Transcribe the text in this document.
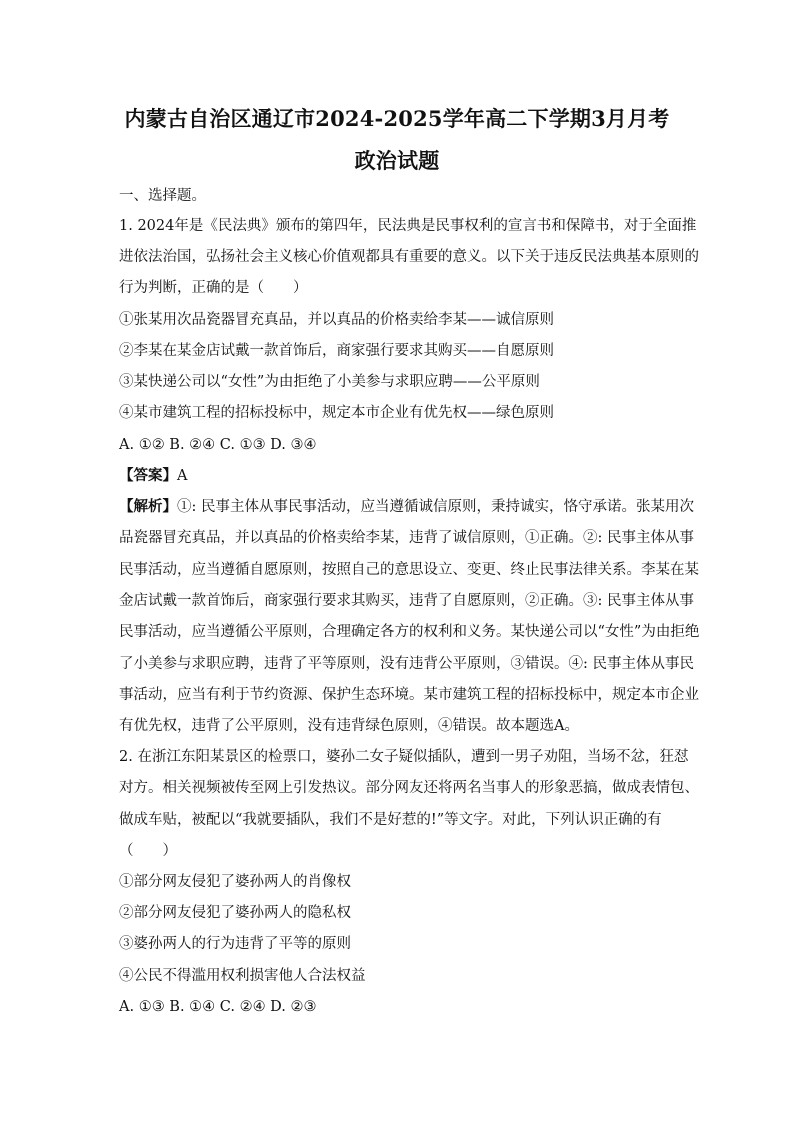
内蒙古自治区通辽市2024-2025学年高二下学期3月月考
政治试题
一、选择题。
1. 2024年是《民法典》颁布的第四年，民法典是民事权利的宣言书和保障书，对于全面推
进依法治国，弘扬社会主义核心价值观都具有重要的意义。以下关于违反民法典基本原则的
行为判断，正确的是（　　）
①张某用次品瓷器冒充真品，并以真品的价格卖给李某——诚信原则
②李某在某金店试戴一款首饰后，商家强行要求其购买——自愿原则
③某快递公司以“女性”为由拒绝了小美参与求职应聘——公平原则
④某市建筑工程的招标投标中，规定本市企业有优先权——绿色原则
A. ①② B. ②④ C. ①③ D. ③④
【答案】A
【解析】①: 民事主体从事民事活动，应当遵循诚信原则，秉持诚实，恪守承诺。张某用次
品瓷器冒充真品，并以真品的价格卖给李某，违背了诚信原则，①正确。②: 民事主体从事
民事活动，应当遵循自愿原则，按照自己的意思设立、变更、终止民事法律关系。李某在某
金店试戴一款首饰后，商家强行要求其购买，违背了自愿原则，②正确。③: 民事主体从事
民事活动，应当遵循公平原则，合理确定各方的权利和义务。某快递公司以“女性”为由拒绝
了小美参与求职应聘，违背了平等原则，没有违背公平原则，③错误。④: 民事主体从事民
事活动，应当有利于节约资源、保护生态环境。某市建筑工程的招标投标中，规定本市企业
有优先权，违背了公平原则，没有违背绿色原则，④错误。故本题选A。
2. 在浙江东阳某景区的检票口，婆孙二女子疑似插队，遭到一男子劝阻，当场不忿，狂怼
对方。相关视频被传至网上引发热议。部分网友还将两名当事人的形象恶搞，做成表情包、
做成车贴，被配以“我就要插队，我们不是好惹的!”等文字。对此，下列认识正确的有
（　　）
①部分网友侵犯了婆孙两人的肖像权
②部分网友侵犯了婆孙两人的隐私权
③婆孙两人的行为违背了平等的原则
④公民不得滥用权利损害他人合法权益
A. ①③ B. ①④ C. ②④ D. ②③
